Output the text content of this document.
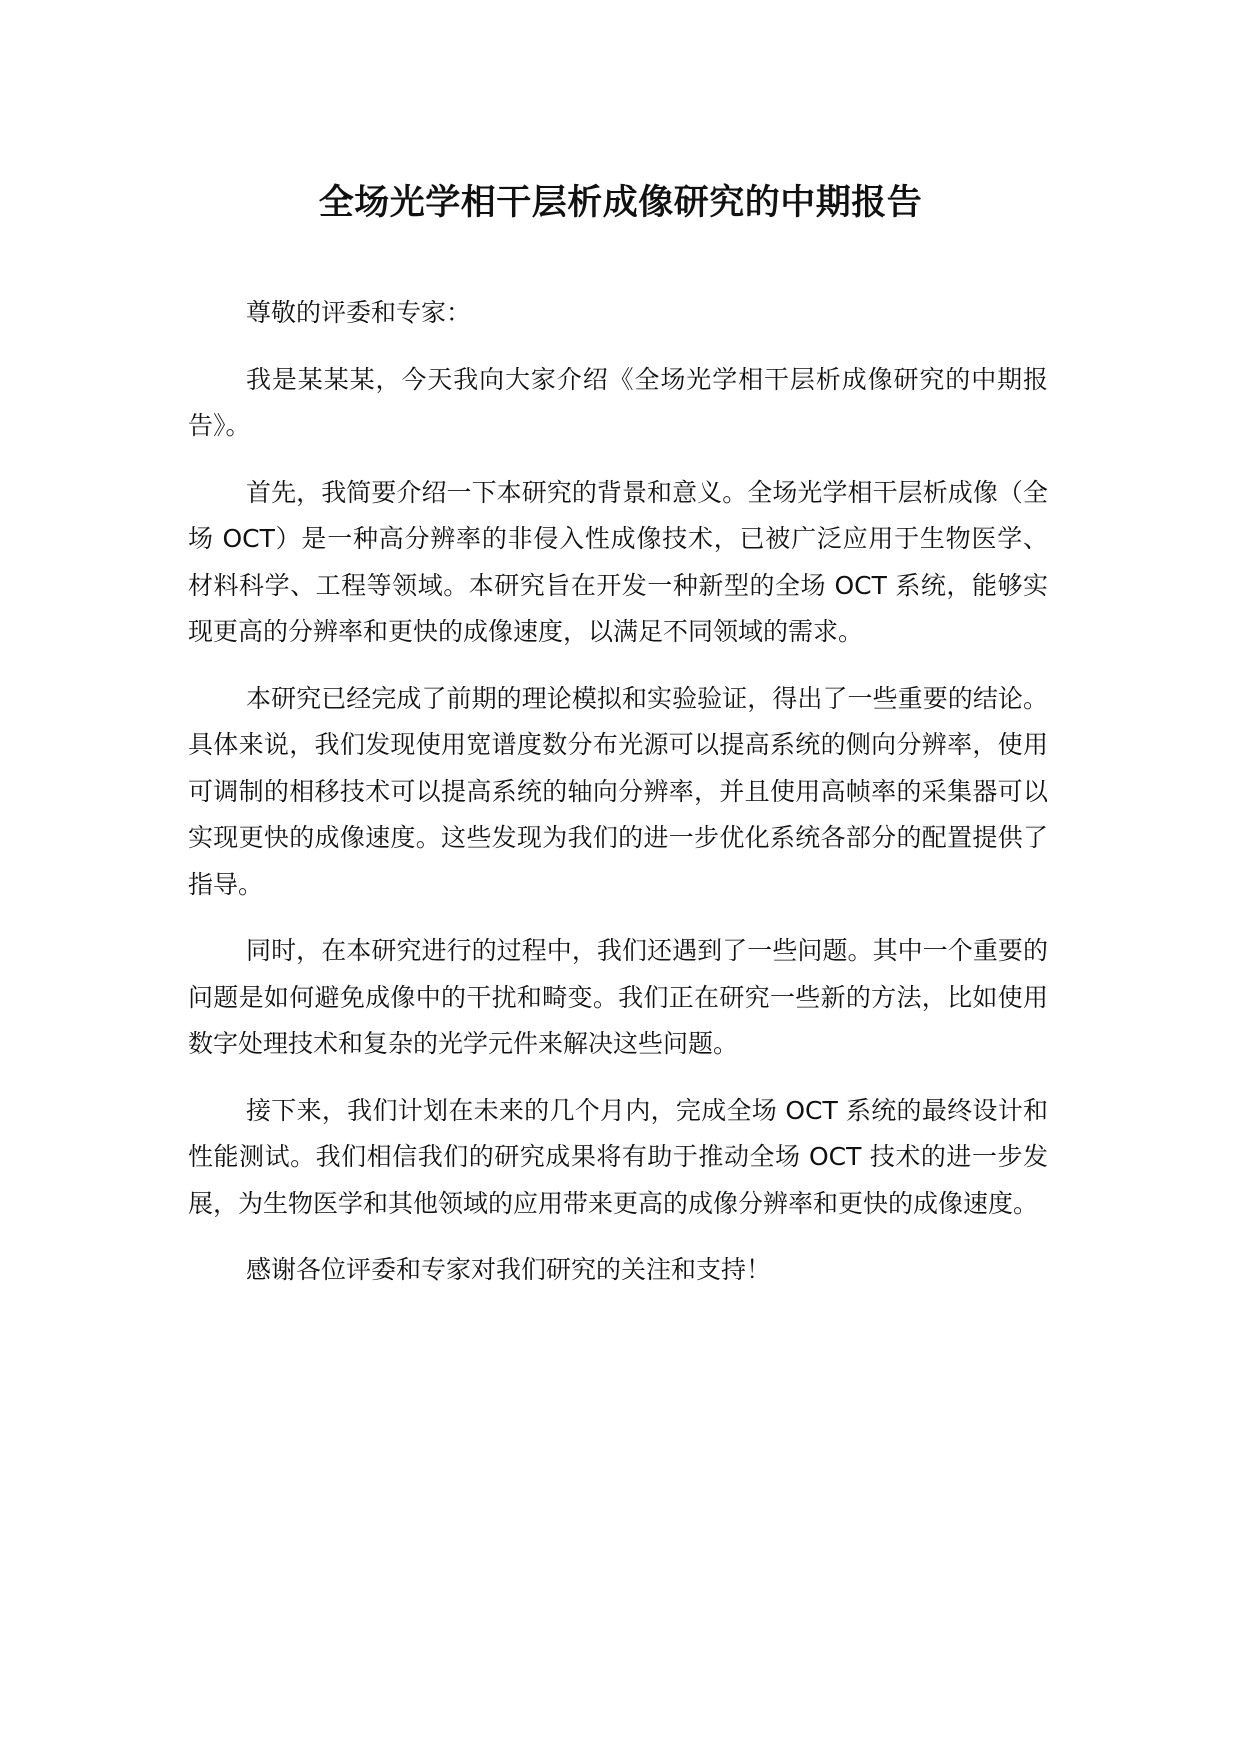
全场光学相干层析成像研究的中期报告

尊敬的评委和专家：

我是某某某，今天我向大家介绍《全场光学相干层析成像研究的中期报告》。

首先，我简要介绍一下本研究的背景和意义。全场光学相干层析成像（全场 OCT）是一种高分辨率的非侵入性成像技术，已被广泛应用于生物医学、材料科学、工程等领域。本研究旨在开发一种新型的全场 OCT 系统，能够实现更高的分辨率和更快的成像速度，以满足不同领域的需求。

本研究已经完成了前期的理论模拟和实验验证，得出了一些重要的结论。具体来说，我们发现使用宽谱度数分布光源可以提高系统的侧向分辨率，使用可调制的相移技术可以提高系统的轴向分辨率，并且使用高帧率的采集器可以实现更快的成像速度。这些发现为我们的进一步优化系统各部分的配置提供了指导。

同时，在本研究进行的过程中，我们还遇到了一些问题。其中一个重要的问题是如何避免成像中的干扰和畸变。我们正在研究一些新的方法，比如使用数字处理技术和复杂的光学元件来解决这些问题。

接下来，我们计划在未来的几个月内，完成全场 OCT 系统的最终设计和性能测试。我们相信我们的研究成果将有助于推动全场 OCT 技术的进一步发展，为生物医学和其他领域的应用带来更高的成像分辨率和更快的成像速度。

感谢各位评委和专家对我们研究的关注和支持！
